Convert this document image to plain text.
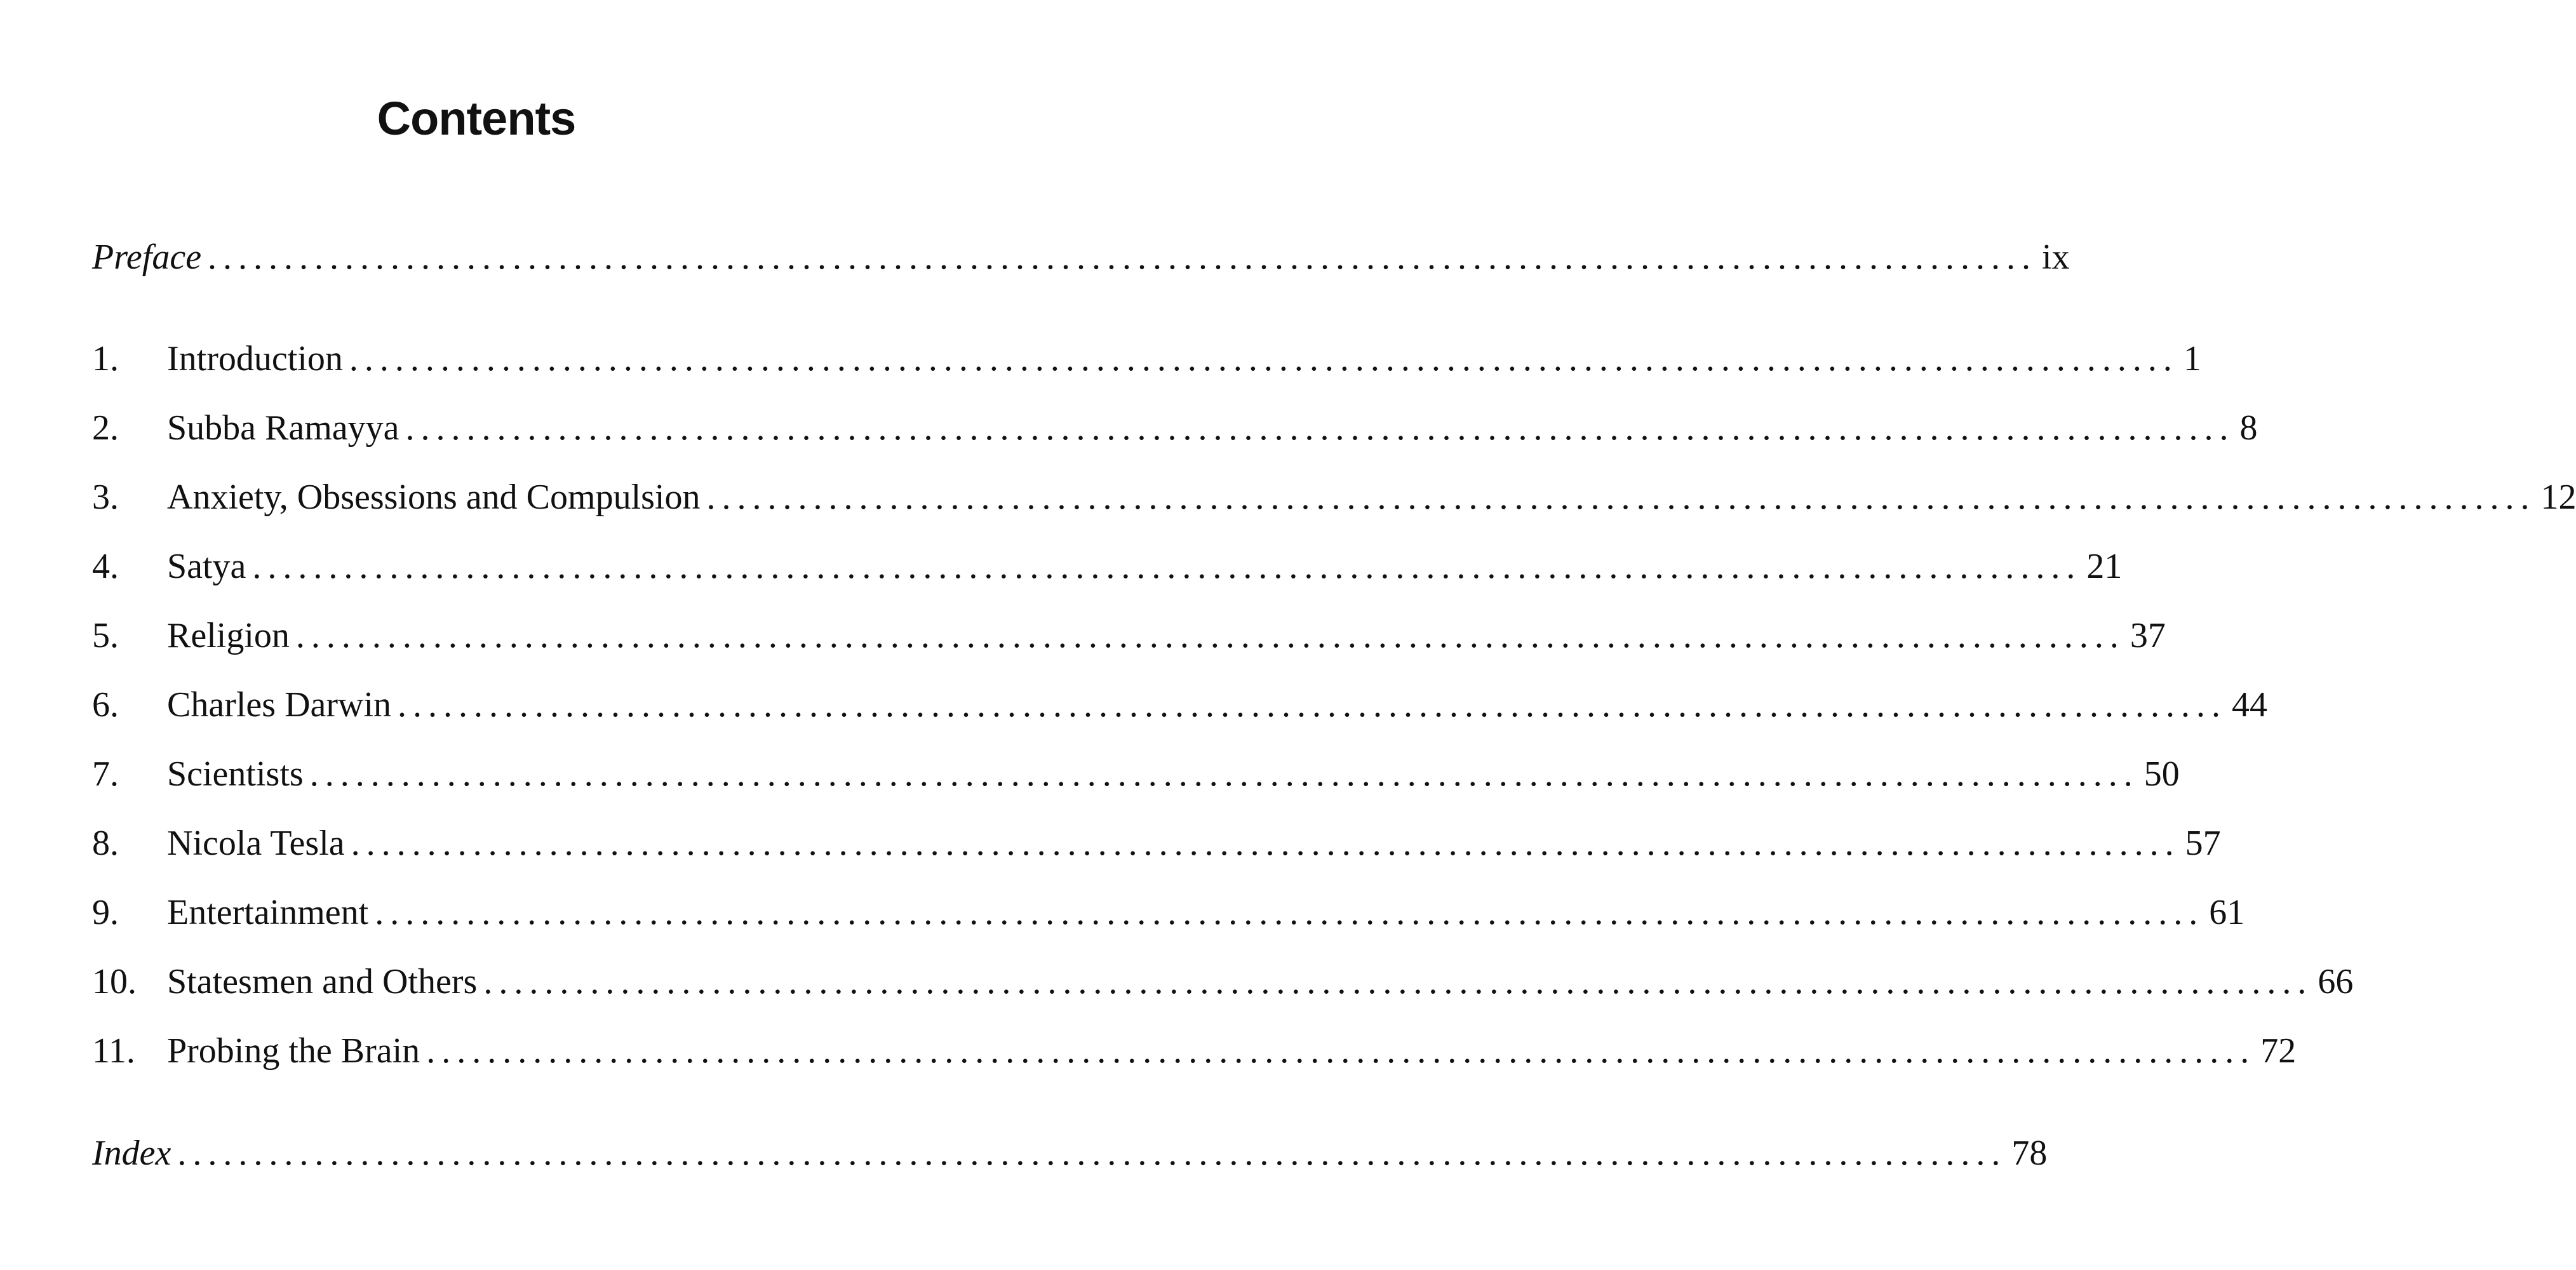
Contents
Preface ........................................................................................................................ ix
1.	Introduction ........................................................................................................................ 1
2.	Subba Ramayya ........................................................................................................................ 8
3.	Anxiety, Obsessions and Compulsion ........................................................................................................................ 12
4.	Satya ........................................................................................................................ 21
5.	Religion ........................................................................................................................ 37
6.	Charles Darwin ........................................................................................................................ 44
7.	Scientists ........................................................................................................................ 50
8.	Nicola Tesla ........................................................................................................................ 57
9.	Entertainment ........................................................................................................................ 61
10. Statesmen and Others ........................................................................................................................ 66
11. Probing the Brain ........................................................................................................................ 72
Index ........................................................................................................................ 78
